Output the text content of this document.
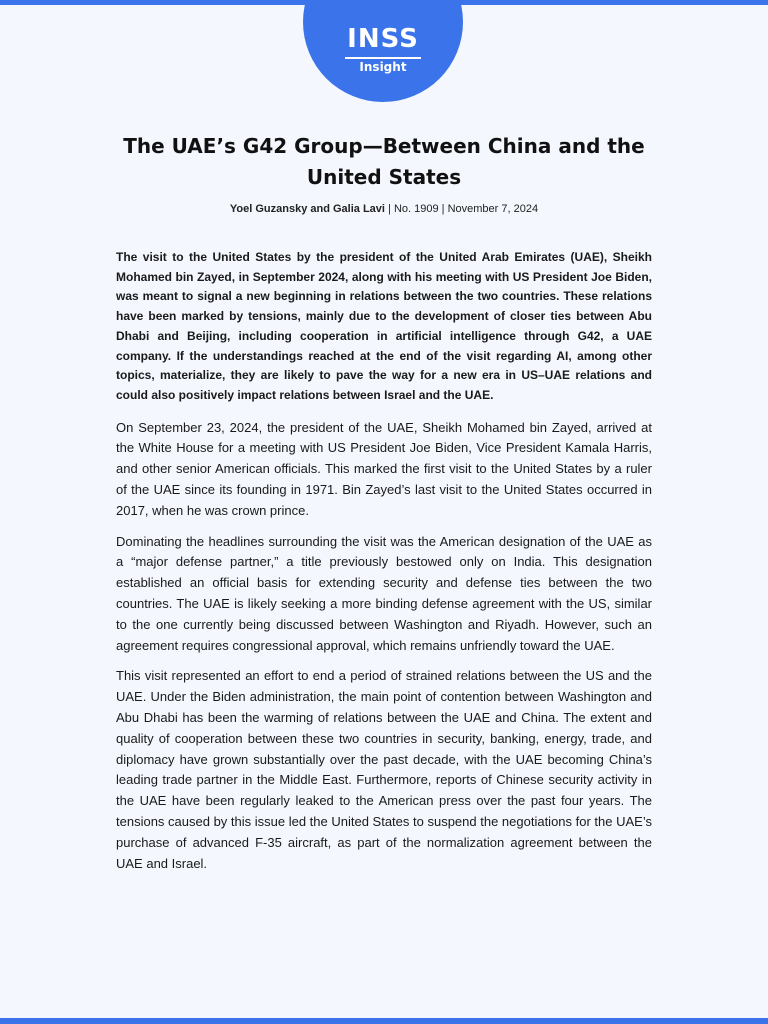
INSS
Insight
The UAE’s G42 Group—Between China and the United States
Yoel Guzansky and Galia Lavi | No. 1909 | November 7, 2024

The visit to the United States by the president of the United Arab Emirates (UAE), Sheikh Mohamed bin Zayed, in September 2024, along with his meeting with US President Joe Biden, was meant to signal a new beginning in relations between the two countries. These relations have been marked by tensions, mainly due to the development of closer ties between Abu Dhabi and Beijing, including cooperation in artificial intelligence through G42, a UAE company. If the understandings reached at the end of the visit regarding AI, among other topics, materialize, they are likely to pave the way for a new era in US–UAE relations and could also positively impact relations between Israel and the UAE.

On September 23, 2024, the president of the UAE, Sheikh Mohamed bin Zayed, arrived at the White House for a meeting with US President Joe Biden, Vice President Kamala Harris, and other senior American officials. This marked the first visit to the United States by a ruler of the UAE since its founding in 1971. Bin Zayed’s last visit to the United States occurred in 2017, when he was crown prince.

Dominating the headlines surrounding the visit was the American designation of the UAE as a “major defense partner,” a title previously bestowed only on India. This designation established an official basis for extending security and defense ties between the two countries. The UAE is likely seeking a more binding defense agreement with the US, similar to the one currently being discussed between Washington and Riyadh. However, such an agreement requires congressional approval, which remains unfriendly toward the UAE.

This visit represented an effort to end a period of strained relations between the US and the UAE. Under the Biden administration, the main point of contention between Washington and Abu Dhabi has been the warming of relations between the UAE and China. The extent and quality of cooperation between these two countries in security, banking, energy, trade, and diplomacy have grown substantially over the past decade, with the UAE becoming China’s leading trade partner in the Middle East. Furthermore, reports of Chinese security activity in the UAE have been regularly leaked to the American press over the past four years. The tensions caused by this issue led the United States to suspend the negotiations for the UAE’s purchase of advanced F-35 aircraft, as part of the normalization agreement between the UAE and Israel.
